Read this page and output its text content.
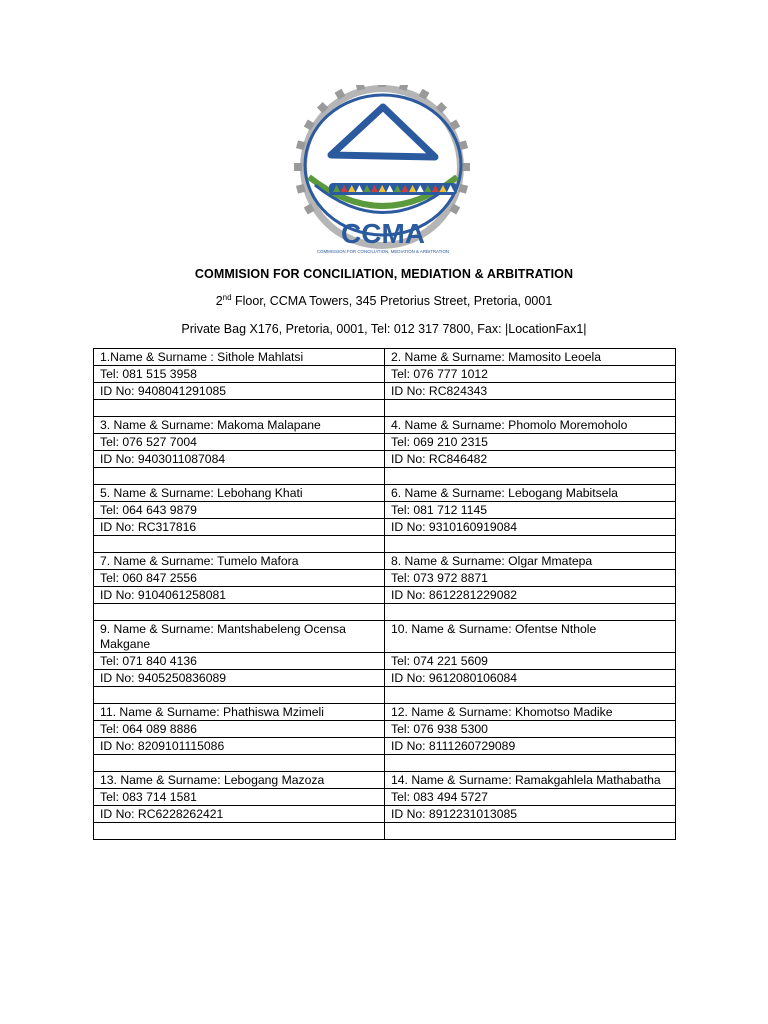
CCMA
COMMISSION FOR CONCILIATION, MEDIATION & ARBITRATION
COMMISION FOR CONCILIATION, MEDIATION & ARBITRATION
2nd Floor, CCMA Towers, 345 Pretorius Street, Pretoria, 0001
Private Bag X176, Pretoria, 0001, Tel: 012 317 7800, Fax: |LocationFax1|
1.Name & Surname : Sithole Mahlatsi	2. Name & Surname: Mamosito Leoela
Tel: 081 515 3958	Tel: 076 777 1012
ID No: 9408041291085	ID No: RC824343

3. Name & Surname: Makoma Malapane	4. Name & Surname: Phomolo Moremoholo
Tel: 076 527 7004	Tel: 069 210 2315
ID No: 9403011087084	ID No: RC846482

5. Name & Surname: Lebohang Khati	6. Name & Surname: Lebogang Mabitsela
Tel: 064 643 9879	Tel: 081 712 1145
ID No: RC317816	ID No: 9310160919084

7. Name & Surname: Tumelo Mafora	8. Name & Surname: Olgar Mmatepa
Tel: 060 847 2556	Tel: 073 972 8871
ID No: 9104061258081	ID No: 8612281229082

9. Name & Surname: Mantshabeleng Ocensa Makgane	10. Name & Surname: Ofentse Nthole
Tel: 071 840 4136	Tel: 074 221 5609
ID No: 9405250836089	ID No: 9612080106084

11. Name & Surname: Phathiswa Mzimeli	12. Name & Surname: Khomotso Madike
Tel: 064 089 8886	Tel: 076 938 5300
ID No: 8209101115086	ID No: 8111260729089

13. Name & Surname: Lebogang Mazoza	14. Name & Surname: Ramakgahlela Mathabatha
Tel: 083 714 1581	Tel: 083 494 5727
ID No: RC6228262421	ID No: 8912231013085
